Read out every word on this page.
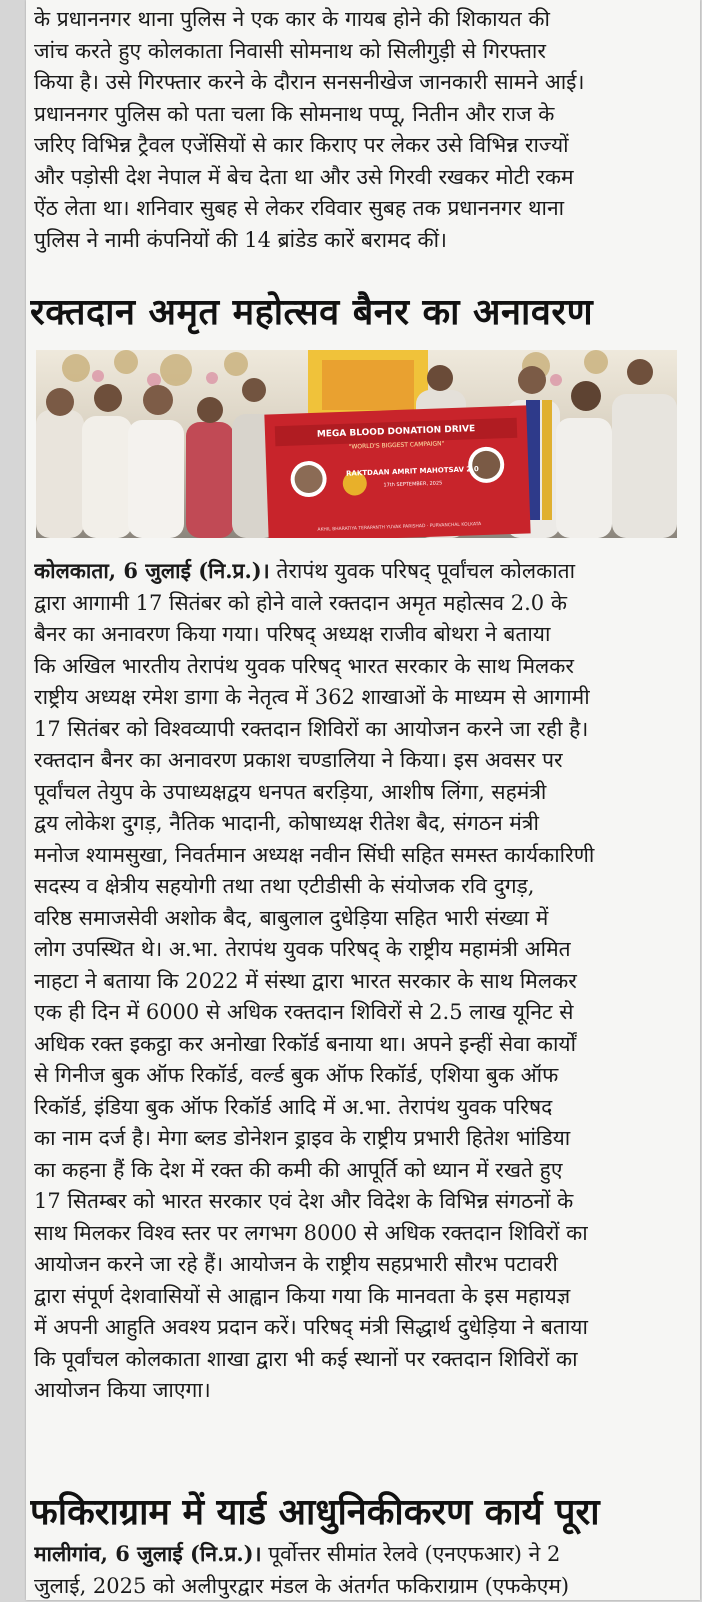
के प्रधाननगर थाना पुलिस ने एक कार के गायब होने की शिकायत की
जांच करते हुए कोलकाता निवासी सोमनाथ को सिलीगुड़ी से गिरफ्तार
किया है। उसे गिरफ्तार करने के दौरान सनसनीखेज जानकारी सामने आई।
प्रधाननगर पुलिस को पता चला कि सोमनाथ पप्पू, नितीन और राज के
जरिए विभिन्न ट्रैवल एजेंसियों से कार किराए पर लेकर उसे विभिन्न राज्यों
और पड़ोसी देश नेपाल में बेच देता था और उसे गिरवी रखकर मोटी रकम
ऐंठ लेता था। शनिवार सुबह से लेकर रविवार सुबह तक प्रधाननगर थाना
पुलिस ने नामी कंपनियों की 14 ब्रांडेड कारें बरामद कीं।
रक्तदान अमृत महोत्सव बैनर का अनावरण
MEGA BLOOD DONATION DRIVE
"WORLD'S BIGGEST CAMPAIGN"
RAKTDAAN AMRIT MAHOTSAV 2.0
17th SEPTEMBER, 2025
AKHIL BHARATIYA TERAPANTH YUVAK PARISHAD · PURVANCHAL KOLKATA
कोलकाता, 6 जुलाई (नि.प्र.)। तेरापंथ युवक परिषद् पूर्वांचल कोलकाता
द्वारा आगामी 17 सितंबर को होने वाले रक्तदान अमृत महोत्सव 2.0 के
बैनर का अनावरण किया गया। परिषद् अध्यक्ष राजीव बोथरा ने बताया
कि अखिल भारतीय तेरापंथ युवक परिषद् भारत सरकार के साथ मिलकर
राष्ट्रीय अध्यक्ष रमेश डागा के नेतृत्व में 362 शाखाओं के माध्यम से आगामी
17 सितंबर को विश्वव्यापी रक्तदान शिविरों का आयोजन करने जा रही है।
रक्तदान बैनर का अनावरण प्रकाश चण्डालिया ने किया। इस अवसर पर
पूर्वांचल तेयुप के उपाध्यक्षद्वय धनपत बरड़िया, आशीष लिंगा, सहमंत्री
द्वय लोकेश दुगड़, नैतिक भादानी, कोषाध्यक्ष रीतेश बैद, संगठन मंत्री
मनोज श्यामसुखा, निवर्तमान अध्यक्ष नवीन सिंघी सहित समस्त कार्यकारिणी
सदस्य व क्षेत्रीय सहयोगी तथा तथा एटीडीसी के संयोजक रवि दुगड़,
वरिष्ठ समाजसेवी अशोक बैद, बाबुलाल दुधेड़िया सहित भारी संख्या में
लोग उपस्थित थे। अ.भा. तेरापंथ युवक परिषद् के राष्ट्रीय महामंत्री अमित
नाहटा ने बताया कि 2022 में संस्था द्वारा भारत सरकार के साथ मिलकर
एक ही दिन में 6000 से अधिक रक्तदान शिविरों से 2.5 लाख यूनिट से
अधिक रक्त इकट्ठा कर अनोखा रिकॉर्ड बनाया था। अपने इन्हीं सेवा कार्यों
से गिनीज बुक ऑफ रिकॉर्ड, वर्ल्ड बुक ऑफ रिकॉर्ड, एशिया बुक ऑफ
रिकॉर्ड, इंडिया बुक ऑफ रिकॉर्ड आदि में अ.भा. तेरापंथ युवक परिषद
का नाम दर्ज है। मेगा ब्लड डोनेशन ड्राइव के राष्ट्रीय प्रभारी हितेश भांडिया
का कहना हैं कि देश में रक्त की कमी की आपूर्ति को ध्यान में रखते हुए
17 सितम्बर को भारत सरकार एवं देश और विदेश के विभिन्न संगठनों के
साथ मिलकर विश्व स्तर पर लगभग 8000 से अधिक रक्तदान शिविरों का
आयोजन करने जा रहे हैं। आयोजन के राष्ट्रीय सहप्रभारी सौरभ पटावरी
द्वारा संपूर्ण देशवासियों से आह्वान किया गया कि मानवता के इस महायज्ञ
में अपनी आहुति अवश्य प्रदान करें। परिषद् मंत्री सिद्धार्थ दुधेड़िया ने बताया
कि पूर्वांचल कोलकाता शाखा द्वारा भी कई स्थानों पर रक्तदान शिविरों का
आयोजन किया जाएगा।
फकिराग्राम में यार्ड आधुनिकीकरण कार्य पूरा
मालीगांव, 6 जुलाई (नि.प्र.)। पूर्वोत्तर सीमांत रेलवे (एनएफआर) ने 2
जुलाई, 2025 को अलीपुरद्वार मंडल के अंतर्गत फकिराग्राम (एफकेएम)
